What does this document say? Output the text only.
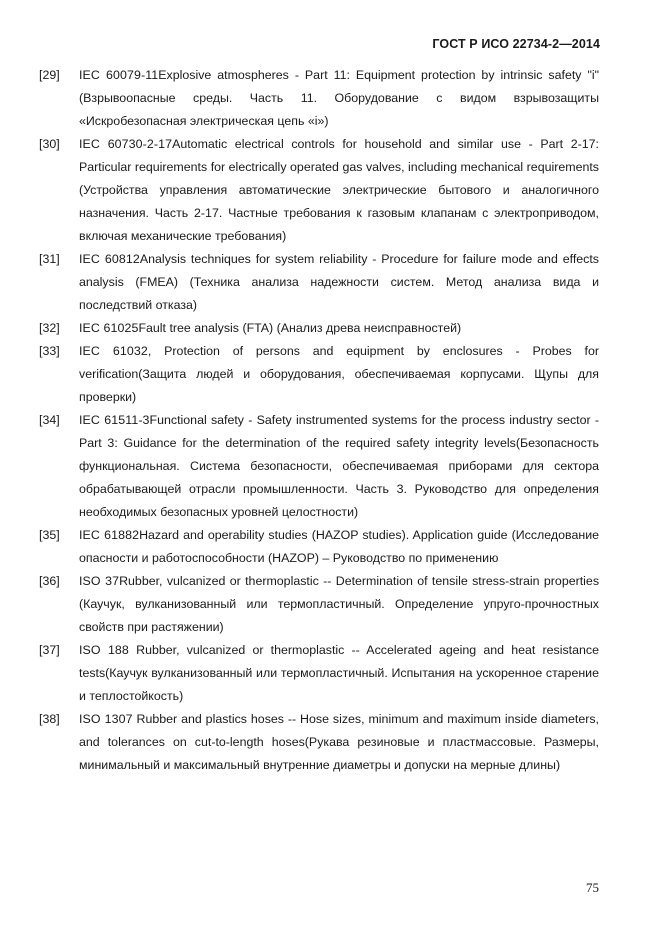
ГОСТ Р ИСО 22734-2—2014
[29]	IEC 60079-11Explosive atmospheres - Part 11: Equipment protection by intrinsic safety "i" (Взрывоопасные среды. Часть 11. Оборудование с видом взрывозащиты «Искробезопасная электрическая цепь «i»)
[30]	IEC 60730-2-17Automatic electrical controls for household and similar use - Part 2-17: Particular requirements for electrically operated gas valves, including mechanical requirements (Устройства управления автоматические электрические бытового и аналогичного назначения. Часть 2-17. Частные требования к газовым клапанам с электроприводом, включая механические требования)
[31]	IEC 60812Analysis techniques for system reliability - Procedure for failure mode and effects analysis (FMEA) (Техника анализа надежности систем. Метод анализа вида и последствий отказа)
[32]	IEC 61025Fault tree analysis (FTA) (Анализ древа неисправностей)
[33]	IEC 61032, Protection of persons and equipment by enclosures - Probes for verification(Защита людей и оборудования, обеспечиваемая корпусами. Щупы для проверки)
[34]	IEC 61511-3Functional safety - Safety instrumented systems for the process industry sector - Part 3: Guidance for the determination of the required safety integrity levels(Безопасность функциональная. Система безопасности, обеспечиваемая приборами для сектора обрабатывающей отрасли промышленности. Часть 3. Руководство для определения необходимых безопасных уровней целостности)
[35]	IEC 61882Hazard and operability studies (HAZOP studies). Application guide (Исследование опасности и работоспособности (HAZOP) – Руководство по применению
[36]	ISO 37Rubber, vulcanized or thermoplastic -- Determination of tensile stress-strain properties (Каучук, вулканизованный или термопластичный. Определение упруго-прочностных свойств при растяжении)
[37]	ISO 188 Rubber, vulcanized or thermoplastic -- Accelerated ageing and heat resistance tests(Каучук вулканизованный или термопластичный. Испытания на ускоренное старение и теплостойкость)
[38]	ISO 1307 Rubber and plastics hoses -- Hose sizes, minimum and maximum inside diameters, and tolerances on cut-to-length hoses(Рукава резиновые и пластмассовые. Размеры, минимальный и максимальный внутренние диаметры и допуски на мерные длины)
75
